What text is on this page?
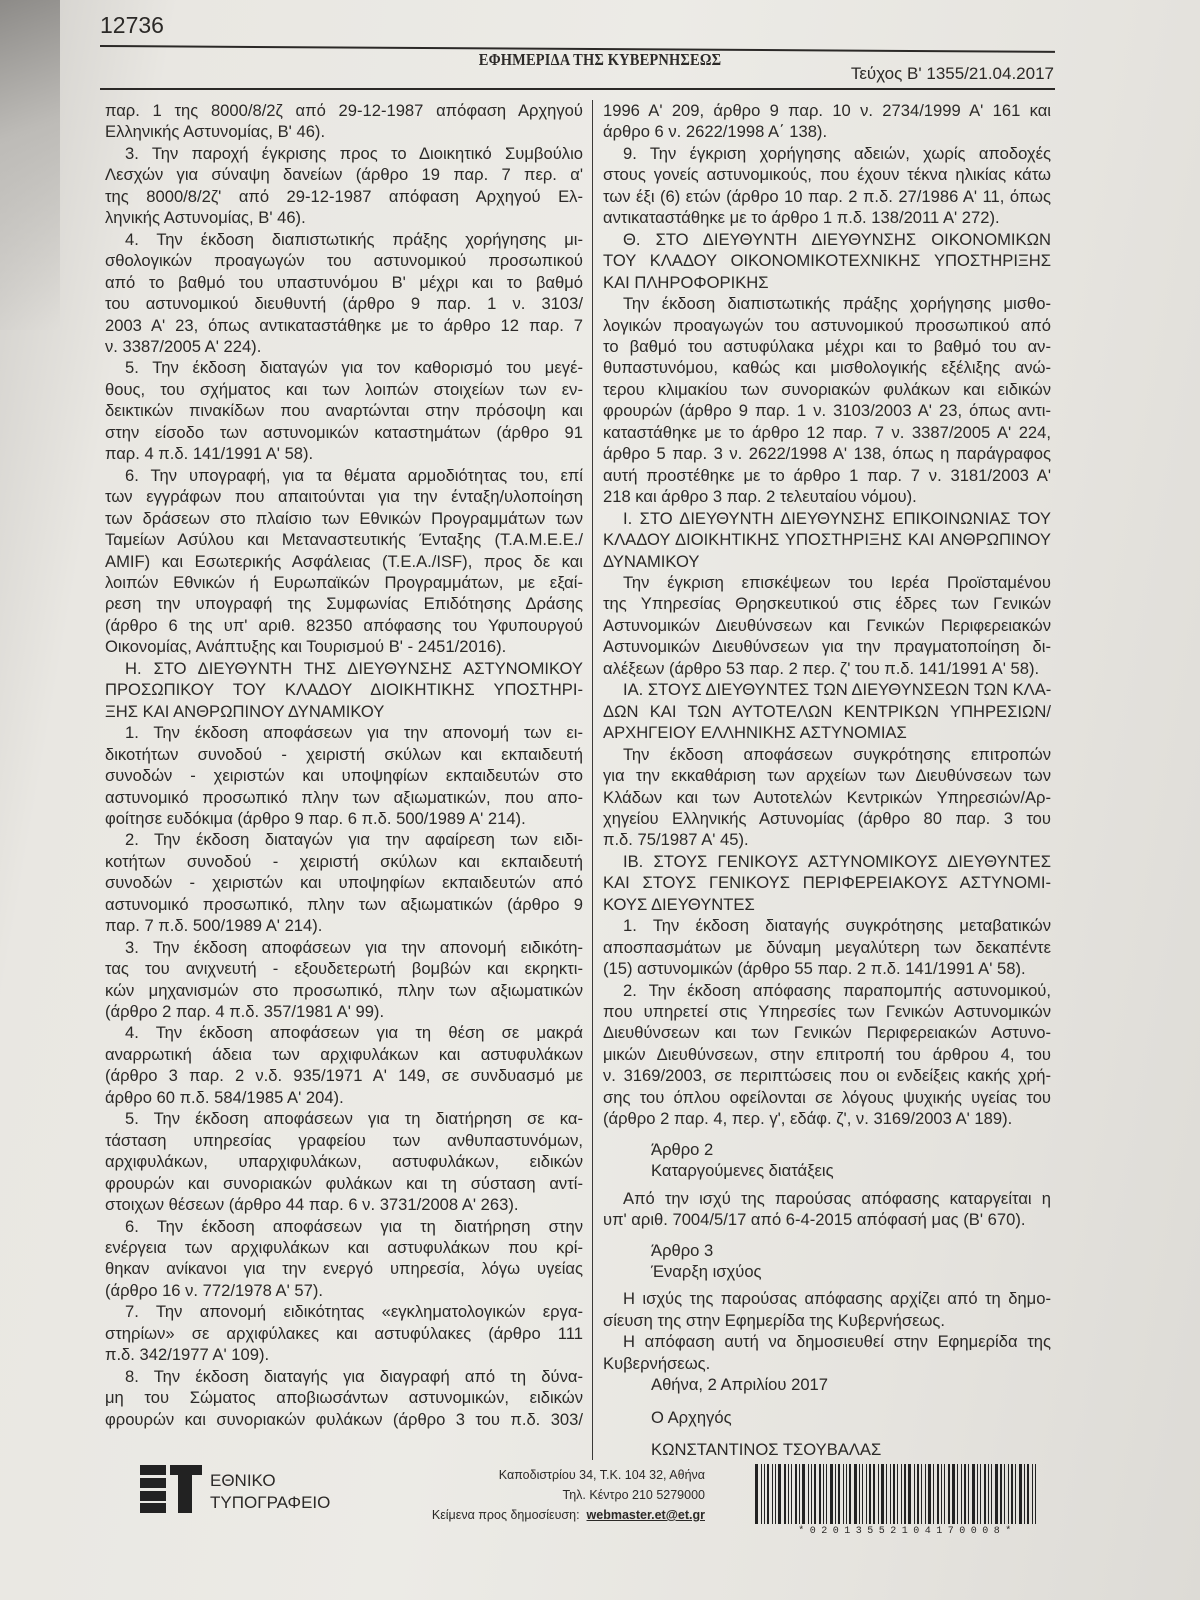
12736
ΕΦΗΜΕΡΙΔΑ ΤΗΣ ΚΥΒΕΡΝΗΣΕΩΣ
Τεύχος Β' 1355/21.04.2017
παρ. 1 της 8000/8/2ζ από 29-12-1987 απόφαση Αρχηγού
Ελληνικής Αστυνομίας, Β' 46).
3. Την παροχή έγκρισης προς το Διοικητικό Συμβούλιο
Λεσχών για σύναψη δανείων (άρθρο 19 παρ. 7 περ. α'
της 8000/8/2ζ' από 29-12-1987 απόφαση Αρχηγού Ελ-
ληνικής Αστυνομίας, Β' 46).
4. Την έκδοση διαπιστωτικής πράξης χορήγησης μι-
σθολογικών προαγωγών του αστυνομικού προσωπικού
από το βαθμό του υπαστυνόμου Β' μέχρι και το βαθμό
του αστυνομικού διευθυντή (άρθρο 9 παρ. 1 ν. 3103/
2003 Α' 23, όπως αντικαταστάθηκε με το άρθρο 12 παρ. 7
ν. 3387/2005 Α' 224).
5. Την έκδοση διαταγών για τον καθορισμό του μεγέ-
θους, του σχήματος και των λοιπών στοιχείων των εν-
δεικτικών πινακίδων που αναρτώνται στην πρόσοψη και
στην είσοδο των αστυνομικών καταστημάτων (άρθρο 91
παρ. 4 π.δ. 141/1991 Α' 58).
6. Την υπογραφή, για τα θέματα αρμοδιότητας του, επί
των εγγράφων που απαιτούνται για την ένταξη/υλοποίηση
των δράσεων στο πλαίσιο των Εθνικών Προγραμμάτων των
Ταμείων Ασύλου και Μεταναστευτικής Ένταξης (Τ.Α.Μ.Ε.Ε./
AMIF) και Εσωτερικής Ασφάλειας (Τ.Ε.Α./ISF), προς δε και
λοιπών Εθνικών ή Ευρωπαϊκών Προγραμμάτων, με εξαί-
ρεση την υπογραφή της Συμφωνίας Επιδότησης Δράσης
(άρθρο 6 της υπ' αριθ. 82350 απόφασης του Υφυπουργού
Οικονομίας, Ανάπτυξης και Τουρισμού Β' - 2451/2016).
Η. ΣΤΟ ΔΙΕΥΘΥΝΤΗ ΤΗΣ ΔΙΕΥΘΥΝΣΗΣ ΑΣΤΥΝΟΜΙΚΟΥ
ΠΡΟΣΩΠΙΚΟΥ ΤΟΥ ΚΛΑΔΟΥ ΔΙΟΙΚΗΤΙΚΗΣ ΥΠΟΣΤΗΡΙ-
ΞΗΣ ΚΑΙ ΑΝΘΡΩΠΙΝΟΥ ΔΥΝΑΜΙΚΟΥ
1. Την έκδοση αποφάσεων για την απονομή των ει-
δικοτήτων συνοδού - χειριστή σκύλων και εκπαιδευτή
συνοδών - χειριστών και υποψηφίων εκπαιδευτών στο
αστυνομικό προσωπικό πλην των αξιωματικών, που απο-
φοίτησε ευδόκιμα (άρθρο 9 παρ. 6 π.δ. 500/1989 Α' 214).
2. Την έκδοση διαταγών για την αφαίρεση των ειδι-
κοτήτων συνοδού - χειριστή σκύλων και εκπαιδευτή
συνοδών - χειριστών και υποψηφίων εκπαιδευτών από
αστυνομικό προσωπικό, πλην των αξιωματικών (άρθρο 9
παρ. 7 π.δ. 500/1989 Α' 214).
3. Την έκδοση αποφάσεων για την απονομή ειδικότη-
τας του ανιχνευτή - εξουδετερωτή βομβών και εκρηκτι-
κών μηχανισμών στο προσωπικό, πλην των αξιωματικών
(άρθρο 2 παρ. 4 π.δ. 357/1981 Α' 99).
4. Την έκδοση αποφάσεων για τη θέση σε μακρά
αναρρωτική άδεια των αρχιφυλάκων και αστυφυλάκων
(άρθρο 3 παρ. 2 ν.δ. 935/1971 Α' 149, σε συνδυασμό με
άρθρο 60 π.δ. 584/1985 Α' 204).
5. Την έκδοση αποφάσεων για τη διατήρηση σε κα-
τάσταση υπηρεσίας γραφείου των ανθυπαστυνόμων,
αρχιφυλάκων, υπαρχιφυλάκων, αστυφυλάκων, ειδικών
φρουρών και συνοριακών φυλάκων και τη σύσταση αντί-
στοιχων θέσεων (άρθρο 44 παρ. 6 ν. 3731/2008 Α' 263).
6. Την έκδοση αποφάσεων για τη διατήρηση στην
ενέργεια των αρχιφυλάκων και αστυφυλάκων που κρί-
θηκαν ανίκανοι για την ενεργό υπηρεσία, λόγω υγείας
(άρθρο 16 ν. 772/1978 Α' 57).
7. Την απονομή ειδικότητας «εγκληματολογικών εργα-
στηρίων» σε αρχιφύλακες και αστυφύλακες (άρθρο 111
π.δ. 342/1977 Α' 109).
8. Την έκδοση διαταγής για διαγραφή από τη δύνα-
μη του Σώματος αποβιωσάντων αστυνομικών, ειδικών
φρουρών και συνοριακών φυλάκων (άρθρο 3 του π.δ. 303/
1996 Α' 209, άρθρο 9 παρ. 10 ν. 2734/1999 Α' 161 και
άρθρο 6 ν. 2622/1998 Α΄ 138).
9. Την έγκριση χορήγησης αδειών, χωρίς αποδοχές
στους γονείς αστυνομικούς, που έχουν τέκνα ηλικίας κάτω
των έξι (6) ετών (άρθρο 10 παρ. 2 π.δ. 27/1986 Α' 11, όπως
αντικαταστάθηκε με το άρθρο 1 π.δ. 138/2011 Α' 272).
Θ. ΣΤΟ ΔΙΕΥΘΥΝΤΗ ΔΙΕΥΘΥΝΣΗΣ ΟΙΚΟΝΟΜΙΚΩΝ
ΤΟΥ ΚΛΑΔΟΥ ΟΙΚΟΝΟΜΙΚΟΤΕΧΝΙΚΗΣ ΥΠΟΣΤΗΡΙΞΗΣ
ΚΑΙ ΠΛΗΡΟΦΟΡΙΚΗΣ
Την έκδοση διαπιστωτικής πράξης χορήγησης μισθο-
λογικών προαγωγών του αστυνομικού προσωπικού από
το βαθμό του αστυφύλακα μέχρι και το βαθμό του αν-
θυπαστυνόμου, καθώς και μισθολογικής εξέλιξης ανώ-
τερου κλιμακίου των συνοριακών φυλάκων και ειδικών
φρουρών (άρθρο 9 παρ. 1 ν. 3103/2003 Α' 23, όπως αντι-
καταστάθηκε με το άρθρο 12 παρ. 7 ν. 3387/2005 Α' 224,
άρθρο 5 παρ. 3 ν. 2622/1998 Α' 138, όπως η παράγραφος
αυτή προστέθηκε με το άρθρο 1 παρ. 7 ν. 3181/2003 Α'
218 και άρθρο 3 παρ. 2 τελευταίου νόμου).
Ι. ΣΤΟ ΔΙΕΥΘΥΝΤΗ ΔΙΕΥΘΥΝΣΗΣ ΕΠΙΚΟΙΝΩΝΙΑΣ ΤΟΥ
ΚΛΑΔΟΥ ΔΙΟΙΚΗΤΙΚΗΣ ΥΠΟΣΤΗΡΙΞΗΣ ΚΑΙ ΑΝΘΡΩΠΙΝΟΥ
ΔΥΝΑΜΙΚΟΥ
Την έγκριση επισκέψεων του Ιερέα Προϊσταμένου
της Υπηρεσίας Θρησκευτικού στις έδρες των Γενικών
Αστυνομικών Διευθύνσεων και Γενικών Περιφερειακών
Αστυνομικών Διευθύνσεων για την πραγματοποίηση δι-
αλέξεων (άρθρο 53 παρ. 2 περ. ζ' του π.δ. 141/1991 Α' 58).
ΙΑ. ΣΤΟΥΣ ΔΙΕΥΘΥΝΤΕΣ ΤΩΝ ΔΙΕΥΘΥΝΣΕΩΝ ΤΩΝ ΚΛΑ-
ΔΩΝ ΚΑΙ ΤΩΝ ΑΥΤΟΤΕΛΩΝ ΚΕΝΤΡΙΚΩΝ ΥΠΗΡΕΣΙΩΝ/
ΑΡΧΗΓΕΙΟΥ ΕΛΛΗΝΙΚΗΣ ΑΣΤΥΝΟΜΙΑΣ
Την έκδοση αποφάσεων συγκρότησης επιτροπών
για την εκκαθάριση των αρχείων των Διευθύνσεων των
Κλάδων και των Αυτοτελών Κεντρικών Υπηρεσιών/Αρ-
χηγείου Ελληνικής Αστυνομίας (άρθρο 80 παρ. 3 του
π.δ. 75/1987 Α' 45).
ΙΒ. ΣΤΟΥΣ ΓΕΝΙΚΟΥΣ ΑΣΤΥΝΟΜΙΚΟΥΣ ΔΙΕΥΘΥΝΤΕΣ
ΚΑΙ ΣΤΟΥΣ ΓΕΝΙΚΟΥΣ ΠΕΡΙΦΕΡΕΙΑΚΟΥΣ ΑΣΤΥΝΟΜΙ-
ΚΟΥΣ ΔΙΕΥΘΥΝΤΕΣ
1. Την έκδοση διαταγής συγκρότησης μεταβατικών
αποσπασμάτων με δύναμη μεγαλύτερη των δεκαπέντε
(15) αστυνομικών (άρθρο 55 παρ. 2 π.δ. 141/1991 Α' 58).
2. Την έκδοση απόφασης παραπομπής αστυνομικού,
που υπηρετεί στις Υπηρεσίες των Γενικών Αστυνομικών
Διευθύνσεων και των Γενικών Περιφερειακών Αστυνο-
μικών Διευθύνσεων, στην επιτροπή του άρθρου 4, του
ν. 3169/2003, σε περιπτώσεις που οι ενδείξεις κακής χρή-
σης του όπλου οφείλονται σε λόγους ψυχικής υγείας του
(άρθρο 2 παρ. 4, περ. γ', εδάφ. ζ', ν. 3169/2003 Α' 189).
Άρθρο 2
Καταργούμενες διατάξεις
Από την ισχύ της παρούσας απόφασης καταργείται η
υπ' αριθ. 7004/5/17 από 6-4-2015 απόφασή μας (Β' 670).
Άρθρο 3
Έναρξη ισχύος
Η ισχύς της παρούσας απόφασης αρχίζει από τη δημο-
σίευση της στην Εφημερίδα της Κυβερνήσεως.
Η απόφαση αυτή να δημοσιευθεί στην Εφημερίδα της
Κυβερνήσεως.
Αθήνα, 2 Απριλίου 2017
Ο Αρχηγός
ΚΩΝΣΤΑΝΤΙΝΟΣ ΤΣΟΥΒΑΛΑΣ
ΕΘΝΙΚΟ
ΤΥΠΟΓΡΑΦΕΙΟ
Καποδιστρίου 34, Τ.Κ. 104 32, Αθήνα
Τηλ. Κέντρο 210 5279000
Κείμενα προς δημοσίευση: webmaster.et@et.gr
*02013552104170008*
